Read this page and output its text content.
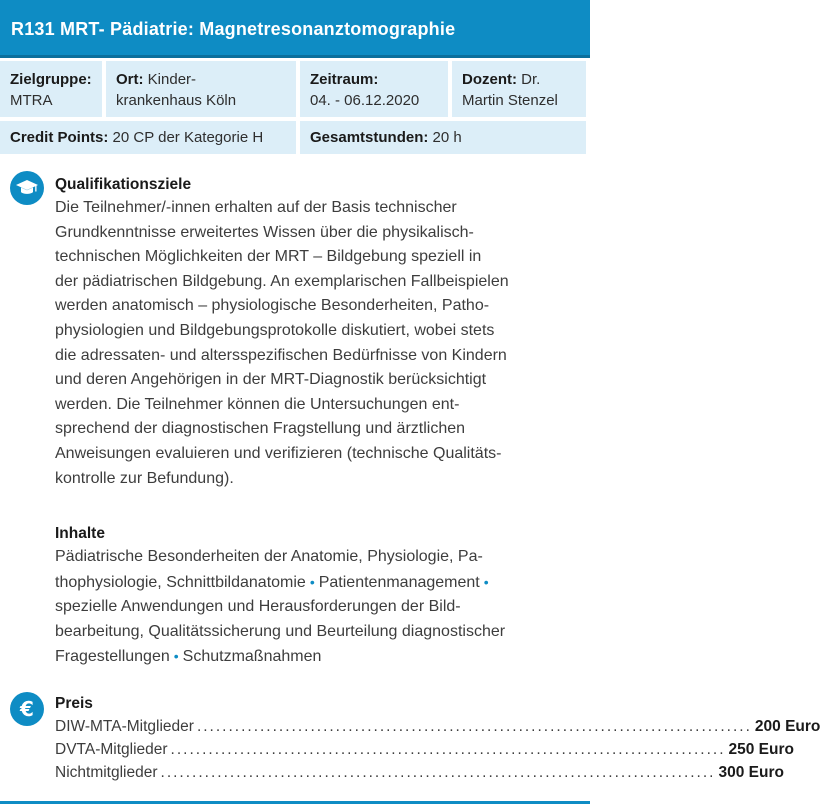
R131 MRT- Pädiatrie: Magnetresonanztomographie
Zielgruppe:
MTRA
Ort: Kinder-
krankenhaus Köln
Zeitraum:
04. - 06.12.2020
Dozent: Dr.
Martin Stenzel
Credit Points: 20 CP der Kategorie H	Gesamtstunden: 20 h
Qualifikationsziele
Die Teilnehmer/-innen erhalten auf der Basis technischer
Grundkenntnisse erweitertes Wissen über die physikalisch-
technischen Möglichkeiten der MRT – Bildgebung speziell in
der pädiatrischen Bildgebung. An exemplarischen Fallbeispielen
werden anatomisch – physiologische Besonderheiten, Patho-
physiologien und Bildgebungsprotokolle diskutiert, wobei stets
die adressaten- und altersspezifischen Bedürfnisse von Kindern
und deren Angehörigen in der MRT-Diagnostik berücksichtigt
werden. Die Teilnehmer können die Untersuchungen ent-
sprechend der diagnostischen Fragstellung und ärztlichen
Anweisungen evaluieren und verifizieren (technische Qualitäts-
kontrolle zur Befundung).
Inhalte
Pädiatrische Besonderheiten der Anatomie, Physiologie, Pa-
thophysiologie, Schnittbildanatomie • Patientenmanagement •
spezielle Anwendungen und Herausforderungen der Bild-
bearbeitung, Qualitätssicherung und Beurteilung diagnostischer
Fragestellungen • Schutzmaßnahmen
€ Preis
DIW-MTA-Mitglieder ........................................................................................ 200 Euro
DVTA-Mitglieder ........................................................................................ 250 Euro
Nichtmitglieder ........................................................................................ 300 Euro
